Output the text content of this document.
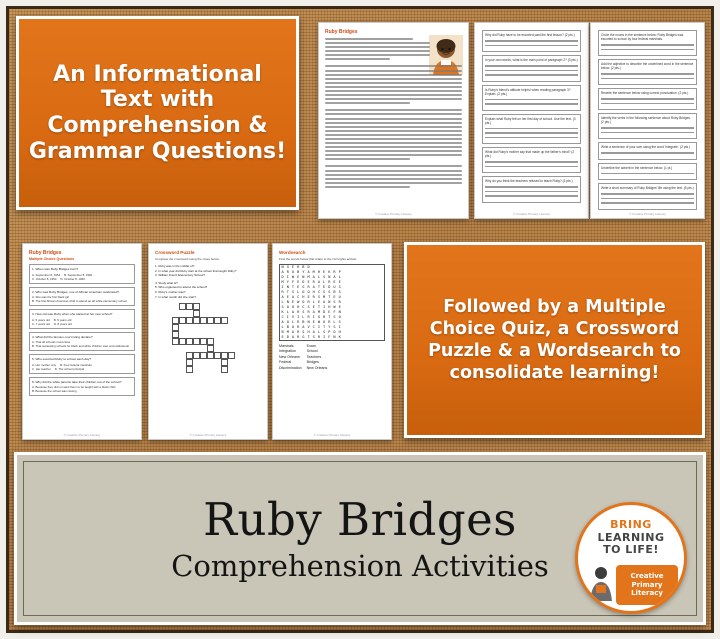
An Informational Text with Comprehension & Grammar Questions!
Followed by a Multiple Choice Quiz, a Crossword Puzzle & a Wordsearch to consolidate learning!
Ruby Bridges
© Creative Primary Literacy
Why did Ruby have to be escorted past the first lesson? (2 pts.)
In your own words, what is the main point of paragraph 2? (3 pts.)
Is Ruby's friend's attitude helpful when reading paragraph 3? Explain. (2 pts.)
Explain what Ruby felt on her first day of school. Use the text. (3 pts.)
What did Ruby's mother say that made up the father's mind? (2 pts.)
Why do you think the teachers refused to teach Ruby? (3 pts.)
© Creative Primary Literacy
Circle the nouns in the sentence below: Ruby Bridges was escorted to school by four federal marshals.
Add the adjective to describe the underlined word in the sentence below. (2 pts.)
Rewrite the sentence below using correct punctuation. (2 pts.)
Identify the verbs in the following sentence about Ruby Bridges. (2 pts.)
Write a sentence of your own using the word 'integrate'. (2 pts.)
Underline the adverb in the sentence below. (1 pt.)
Write a short summary of Ruby Bridges' life using the text. (5 pts.)
© Creative Primary Literacy
Ruby Bridges
Multiple Choice Questions
1. When was Ruby Bridges born?
A. September 8, 1954 B. September 8, 1960
C. October 8, 1954 D. October 8, 1960
2. Who was Ruby Bridges, one of African American celebrated?
A. She was the first black girl
B. The first African American child to attend an all white elementary school
3. How old was Ruby when she started at her new school?
A. 5 years old B. 6 years old
C. 7 years old D. 8 years old
4. What did the famous court ruling declare?
A. That all schools must close
B. That separating schools for black and white children was unconstitutional
5. Who escorted Ruby to school each day?
A. Her mother only B. Four federal marshals
C. Her teacher D. The school principal
6. Why did the white parents take their children out of the school?
A. Because they did not want them to be taught with a black child
B. Because the school was closing
© Creative Primary Literacy
Crossword Puzzle
Complete the crossword using the clues below.
1. Ruby was in the middle of?
2. In what year did Ruby start at the school that taught Ruby?
3. William Frantz Elementary School?
4. Study what is?
5. Who organised to attend the school?
6. Ruby's mother was?
7. In what month did she start?
© Creative Primary Literacy
Wordsearch
Find the words below that relate to the civil rights activist.
N G E R B D
A R U B Y A M H E K R P
D I W E N M A L S N A L
M Y F E D E R A L R E E
I N T E G R A T E D U S
R T S L O O H C S S B S
A E A C H E R S M T E U
L N E W O R L E A N S R
S O O H C S E T I H W E
K L A H S R A M D E F N
C I V I L R I G H T S O
A O L R B N E W O R L S
L B O R A V C I T Y S I
B M A R S H A L S P O H
E D A R G T S R I F N K
Marshals
Integration
New Orleans
Federal
Discrimination
Exam
School
Teachers
Bridges
New Orleans
© Creative Primary Literacy
Ruby Bridges
Comprehension Activities
BRING
LEARNING
TO LIFE!
Creative Primary Literacy
